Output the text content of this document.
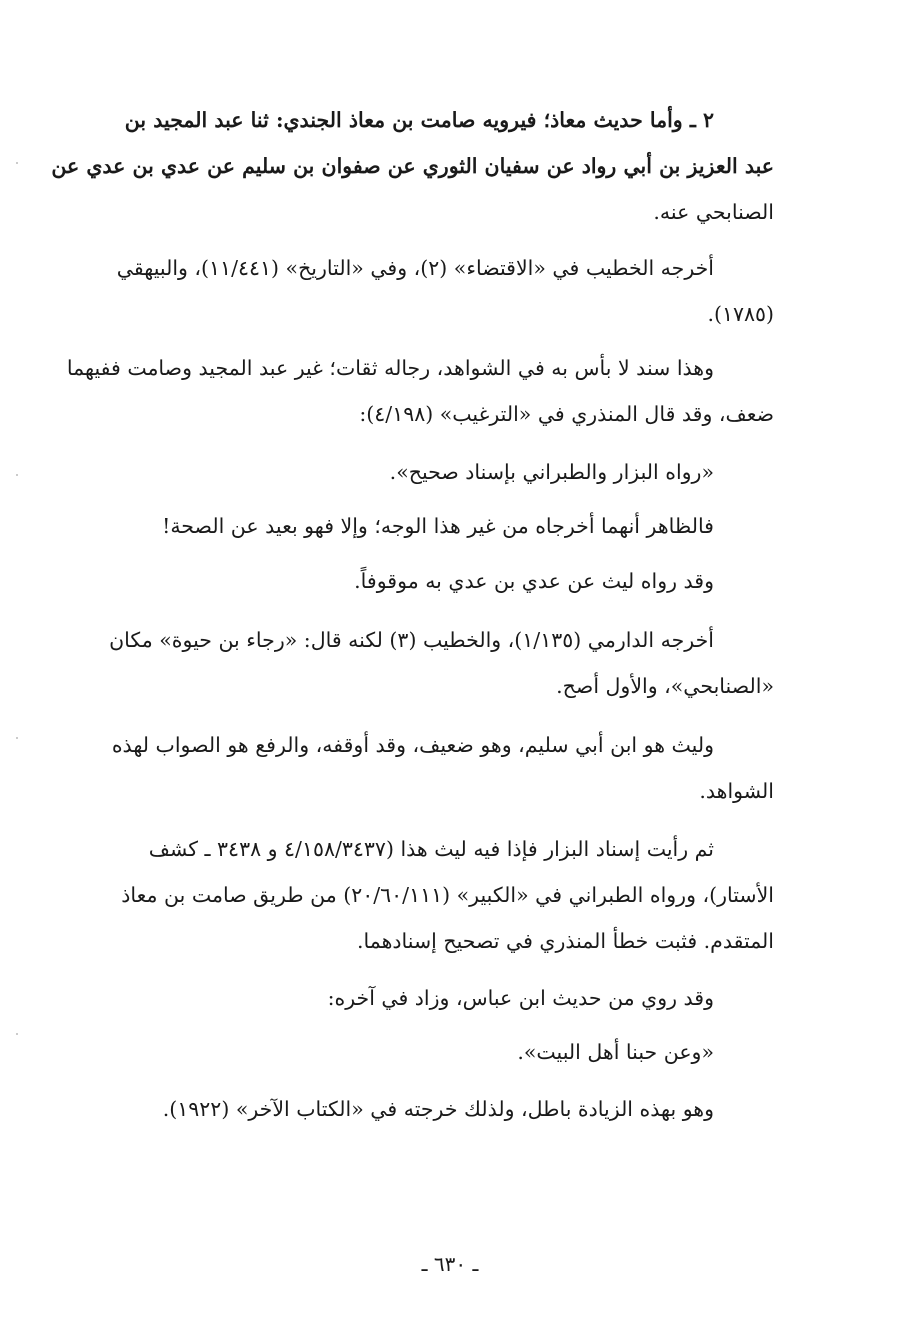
٢ ـ وأما حديث معاذ؛ فيرويه صامت بن معاذ الجندي: ثنا عبد المجيد بن
عبد العزيز بن أبي رواد عن سفيان الثوري عن صفوان بن سليم عن عدي بن عدي عن
الصنابحي عنه.
أخرجه الخطيب في «الاقتضاء» (٢)، وفي «التاريخ» (١١/٤٤١)، والبيهقي
(١٧٨٥).
وهذا سند لا بأس به في الشواهد، رجاله ثقات؛ غير عبد المجيد وصامت ففيهما
ضعف، وقد قال المنذري في «الترغيب» (٤/١٩٨):
«رواه البزار والطبراني بإسناد صحيح».
فالظاهر أنهما أخرجاه من غير هذا الوجه؛ وإلا فهو بعيد عن الصحة!
وقد رواه ليث عن عدي بن عدي به موقوفاً.
أخرجه الدارمي (١/١٣٥)، والخطيب (٣) لكنه قال: «رجاء بن حيوة» مكان
«الصنابحي»، والأول أصح.
وليث هو ابن أبي سليم، وهو ضعيف، وقد أوقفه، والرفع هو الصواب لهذه
الشواهد.
ثم رأيت إسناد البزار فإذا فيه ليث هذا (٤/١٥٨/٣٤٣٧ و ٣٤٣٨ ـ كشف
الأستار)، ورواه الطبراني في «الكبير» (٢٠/٦٠/١١١) من طريق صامت بن معاذ
المتقدم. فثبت خطأ المنذري في تصحيح إسنادهما.
وقد روي من حديث ابن عباس، وزاد في آخره:
«وعن حبنا أهل البيت».
وهو بهذه الزيادة باطل، ولذلك خرجته في «الكتاب الآخر» (١٩٢٢).
ـ ٦٣٠ ـ
